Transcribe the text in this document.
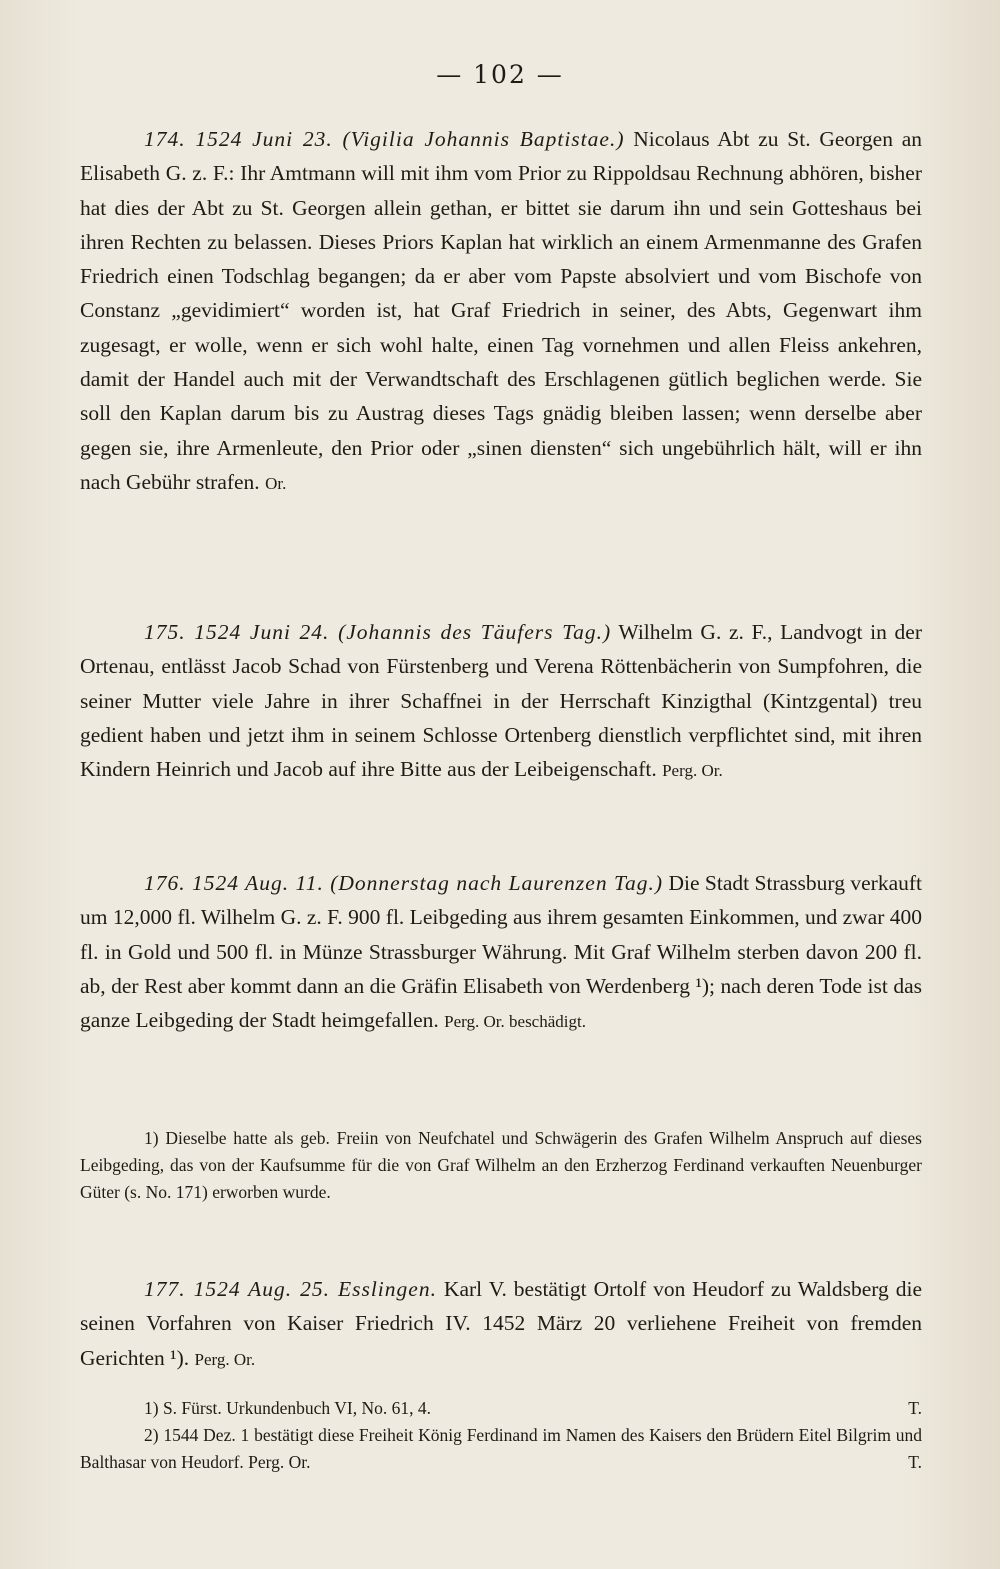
— 102 —

174. 1524 Juni 23. (Vigilia Johannis Baptistae.) Nicolaus Abt zu St. Georgen an Elisabeth G. z. F.: Ihr Amtmann will mit ihm vom Prior zu Rippoldsau Rechnung abhören, bisher hat dies der Abt zu St. Georgen allein gethan, er bittet sie darum ihn und sein Gotteshaus bei ihren Rechten zu belassen. Dieses Priors Kaplan hat wirklich an einem Armenmanne des Grafen Friedrich einen Todschlag begangen; da er aber vom Papste absolviert und vom Bischofe von Constanz „gevidimiert“ worden ist, hat Graf Friedrich in seiner, des Abts, Gegenwart ihm zugesagt, er wolle, wenn er sich wohl halte, einen Tag vornehmen und allen Fleiss ankehren, damit der Handel auch mit der Verwandtschaft des Erschlagenen gütlich beglichen werde. Sie soll den Kaplan darum bis zu Austrag dieses Tags gnädig bleiben lassen; wenn derselbe aber gegen sie, ihre Armenleute, den Prior oder „sinen diensten“ sich ungebührlich hält, will er ihn nach Gebühr strafen. Or.

175. 1524 Juni 24. (Johannis des Täufers Tag.) Wilhelm G. z. F., Landvogt in der Ortenau, entlässt Jacob Schad von Fürstenberg und Verena Röttenbächerin von Sumpfohren, die seiner Mutter viele Jahre in ihrer Schaffnei in der Herrschaft Kinzigthal (Kintzgental) treu gedient haben und jetzt ihm in seinem Schlosse Ortenberg dienstlich verpflichtet sind, mit ihren Kindern Heinrich und Jacob auf ihre Bitte aus der Leibeigenschaft. Perg. Or.

176. 1524 Aug. 11. (Donnerstag nach Laurenzen Tag.) Die Stadt Strassburg verkauft um 12,000 fl. Wilhelm G. z. F. 900 fl. Leibgeding aus ihrem gesamten Einkommen, und zwar 400 fl. in Gold und 500 fl. in Münze Strassburger Währung. Mit Graf Wilhelm sterben davon 200 fl. ab, der Rest aber kommt dann an die Gräfin Elisabeth von Werdenberg ¹); nach deren Tode ist das ganze Leibgeding der Stadt heimgefallen. Perg. Or. beschädigt.

1) Dieselbe hatte als geb. Freiin von Neufchatel und Schwägerin des Grafen Wilhelm Anspruch auf dieses Leibgeding, das von der Kaufsumme für die von Graf Wilhelm an den Erzherzog Ferdinand verkauften Neuenburger Güter (s. No. 171) erworben wurde.

177. 1524 Aug. 25. Esslingen. Karl V. bestätigt Ortolf von Heudorf zu Waldsberg die seinen Vorfahren von Kaiser Friedrich IV. 1452 März 20 verliehene Freiheit von fremden Gerichten ¹). Perg. Or.

1) S. Fürst. Urkundenbuch VI, No. 61, 4.	T.

2) 1544 Dez. 1 bestätigt diese Freiheit König Ferdinand im Namen des Kaisers den Brüdern Eitel Bilgrim und Balthasar von Heudorf. Perg. Or.	T.
